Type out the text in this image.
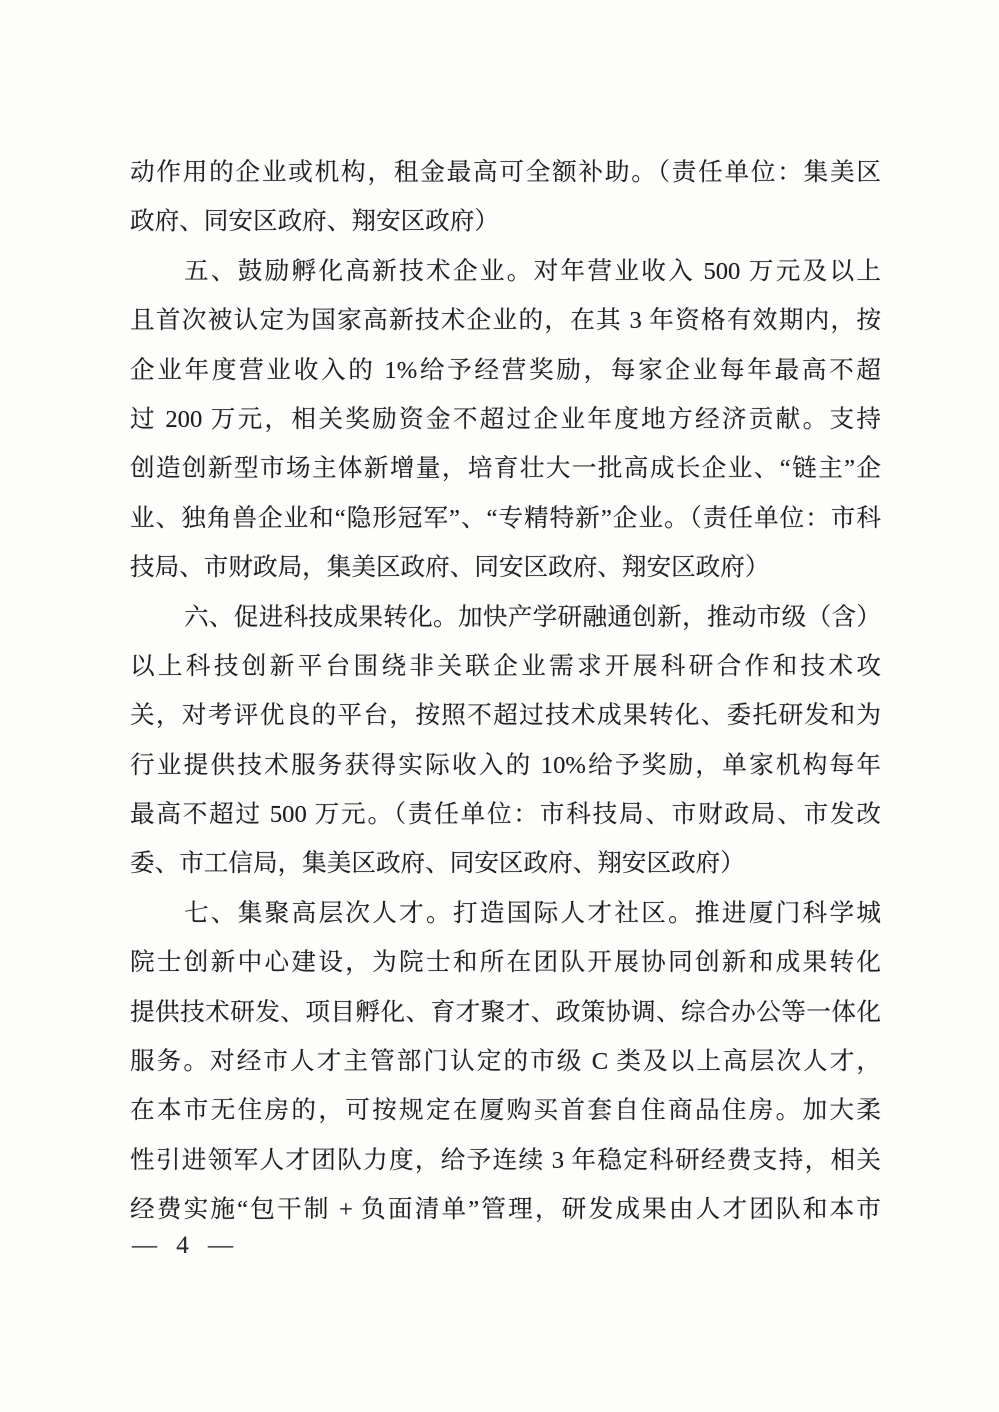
动作用的企业或机构，租金最高可全额补助。（责任单位：集美区
政府、同安区政府、翔安区政府）
五、鼓励孵化高新技术企业。对年营业收入 500 万元及以上
且首次被认定为国家高新技术企业的，在其 3 年资格有效期内，按
企业年度营业收入的 1%给予经营奖励，每家企业每年最高不超
过 200 万元，相关奖励资金不超过企业年度地方经济贡献。支持
创造创新型市场主体新增量，培育壮大一批高成长企业、“链主”企
业、独角兽企业和“隐形冠军”、“专精特新”企业。（责任单位：市科
技局、市财政局，集美区政府、同安区政府、翔安区政府）
六、促进科技成果转化。加快产学研融通创新，推动市级（含）
以上科技创新平台围绕非关联企业需求开展科研合作和技术攻
关，对考评优良的平台，按照不超过技术成果转化、委托研发和为
行业提供技术服务获得实际收入的 10%给予奖励，单家机构每年
最高不超过 500 万元。（责任单位：市科技局、市财政局、市发改
委、市工信局，集美区政府、同安区政府、翔安区政府）
七、集聚高层次人才。打造国际人才社区。推进厦门科学城
院士创新中心建设，为院士和所在团队开展协同创新和成果转化
提供技术研发、项目孵化、育才聚才、政策协调、综合办公等一体化
服务。对经市人才主管部门认定的市级 C 类及以上高层次人才，
在本市无住房的，可按规定在厦购买首套自住商品住房。加大柔
性引进领军人才团队力度，给予连续 3 年稳定科研经费支持，相关
经费实施“包干制 + 负面清单”管理，研发成果由人才团队和本市
— 4 —
